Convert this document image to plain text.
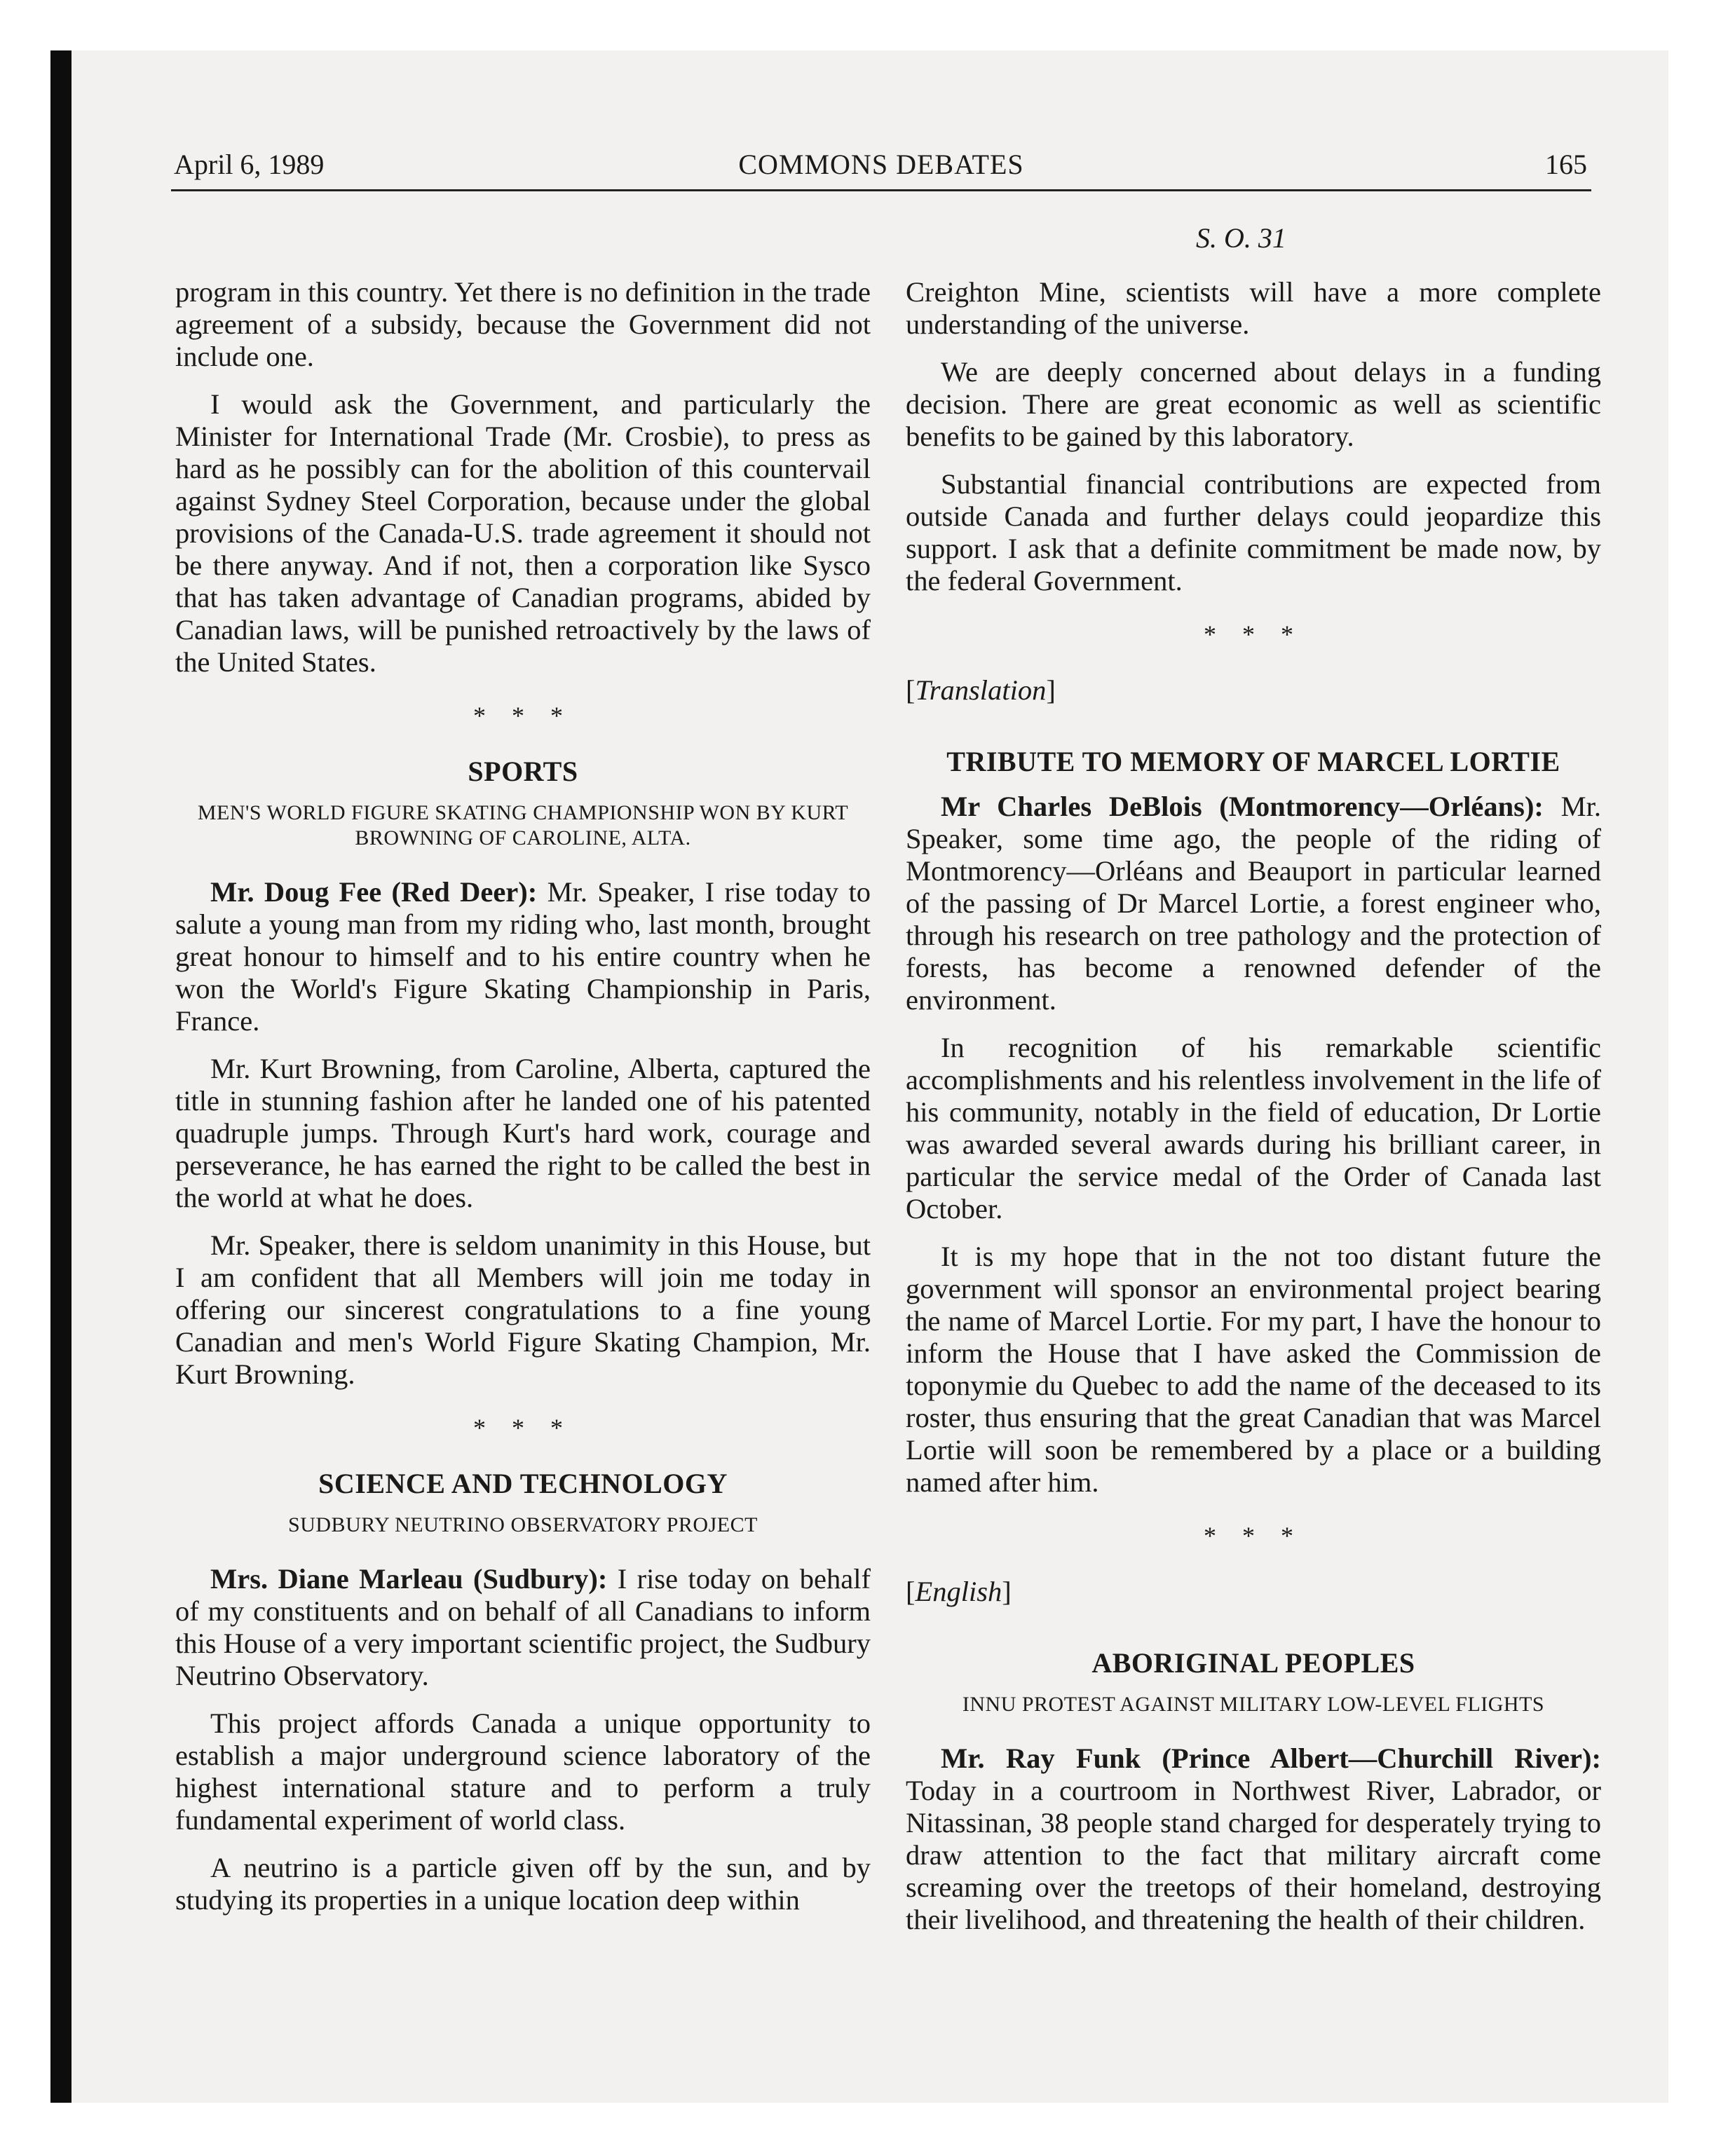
April 6, 1989	COMMONS DEBATES	165
S. O. 31

program in this country. Yet there is no definition in the trade agreement of a subsidy, because the Government did not include one.

I would ask the Government, and particularly the Minister for International Trade (Mr. Crosbie), to press as hard as he possibly can for the abolition of this countervail against Sydney Steel Corporation, because under the global provisions of the Canada-U.S. trade agreement it should not be there anyway. And if not, then a corporation like Sysco that has taken advantage of Canadian programs, abided by Canadian laws, will be punished retroactively by the laws of the United States.

* * *
SPORTS
MEN'S WORLD FIGURE SKATING CHAMPIONSHIP WON BY KURT BROWNING OF CAROLINE, ALTA.

Mr. Doug Fee (Red Deer): Mr. Speaker, I rise today to salute a young man from my riding who, last month, brought great honour to himself and to his entire country when he won the World's Figure Skating Championship in Paris, France.

Mr. Kurt Browning, from Caroline, Alberta, captured the title in stunning fashion after he landed one of his patented quadruple jumps. Through Kurt's hard work, courage and perseverance, he has earned the right to be called the best in the world at what he does.

Mr. Speaker, there is seldom unanimity in this House, but I am confident that all Members will join me today in offering our sincerest congratulations to a fine young Canadian and men's World Figure Skating Champion, Mr. Kurt Browning.

* * *
SCIENCE AND TECHNOLOGY
SUDBURY NEUTRINO OBSERVATORY PROJECT

Mrs. Diane Marleau (Sudbury): I rise today on behalf of my constituents and on behalf of all Canadians to inform this House of a very important scientific project, the Sudbury Neutrino Observatory.

This project affords Canada a unique opportunity to establish a major underground science laboratory of the highest international stature and to perform a truly fundamental experiment of world class.

A neutrino is a particle given off by the sun, and by studying its properties in a unique location deep within

Creighton Mine, scientists will have a more complete understanding of the universe.

We are deeply concerned about delays in a funding decision. There are great economic as well as scientific benefits to be gained by this laboratory.

Substantial financial contributions are expected from outside Canada and further delays could jeopardize this support. I ask that a definite commitment be made now, by the federal Government.

* * *
[Translation]
TRIBUTE TO MEMORY OF MARCEL LORTIE

Mr Charles DeBlois (Montmorency—Orléans): Mr. Speaker, some time ago, the people of the riding of Montmorency—Orléans and Beauport in particular learned of the passing of Dr Marcel Lortie, a forest engineer who, through his research on tree pathology and the protection of forests, has become a renowned defender of the environment.

In recognition of his remarkable scientific accomplishments and his relentless involvement in the life of his community, notably in the field of education, Dr Lortie was awarded several awards during his brilliant career, in particular the service medal of the Order of Canada last October.

It is my hope that in the not too distant future the government will sponsor an environmental project bearing the name of Marcel Lortie. For my part, I have the honour to inform the House that I have asked the Commission de toponymie du Quebec to add the name of the deceased to its roster, thus ensuring that the great Canadian that was Marcel Lortie will soon be remembered by a place or a building named after him.

* * *
[English]
ABORIGINAL PEOPLES
INNU PROTEST AGAINST MILITARY LOW-LEVEL FLIGHTS

Mr. Ray Funk (Prince Albert—Churchill River): Today in a courtroom in Northwest River, Labrador, or Nitassinan, 38 people stand charged for desperately trying to draw attention to the fact that military aircraft come screaming over the treetops of their homeland, destroying their livelihood, and threatening the health of their children.
